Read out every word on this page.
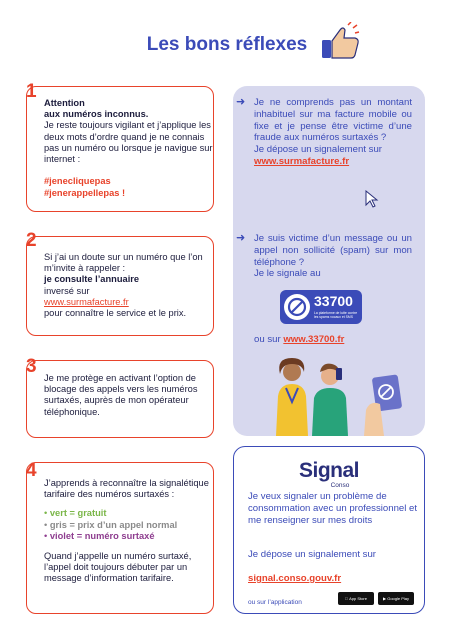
Les bons réflexes
1
Attention
aux numéros inconnus.
Je reste toujours vigilant et j’applique les deux mots d’ordre quand je ne connais pas un numéro ou lorsque je navigue sur internet :

#jenecliquepas
#jenerappellepas !
2
Si j’ai un doute sur un numéro que l’on m’invite à rappeler :
je consulte l’annuaire
inversé sur
www.surmafacture.fr
pour connaître le service et le prix.
3
Je me protège en activant l’option de blocage des appels vers les numéros surtaxés, auprès de mon opérateur téléphonique.
4
J’apprends à reconnaître la signalétique tarifaire des numéros surtaxés :
• vert = gratuit
• gris = prix d’un appel normal
• violet = numéro surtaxé
Quand j’appelle un numéro surtaxé, l’appel doit toujours débuter par un message d’information tarifaire.
➜ Je ne comprends pas un montant inhabituel sur ma facture mobile ou fixe et je pense être victime d’une fraude aux numéros surtaxés ?
Je dépose un signalement sur
www.surmafacture.fr
➜ Je suis victime d’un message ou un appel non sollicité (spam) sur mon téléphone ?
Je le signale au
33700
La plateforme de lutte contre les spams vocaux et SMS
ou sur www.33700.fr
Signal
Conso
Je veux signaler un problème de consommation avec un professionnel et me renseigner sur mes droits
Je dépose un signalement sur
signal.conso.gouv.fr
ou sur l’application
App Store	▶ Google Play
